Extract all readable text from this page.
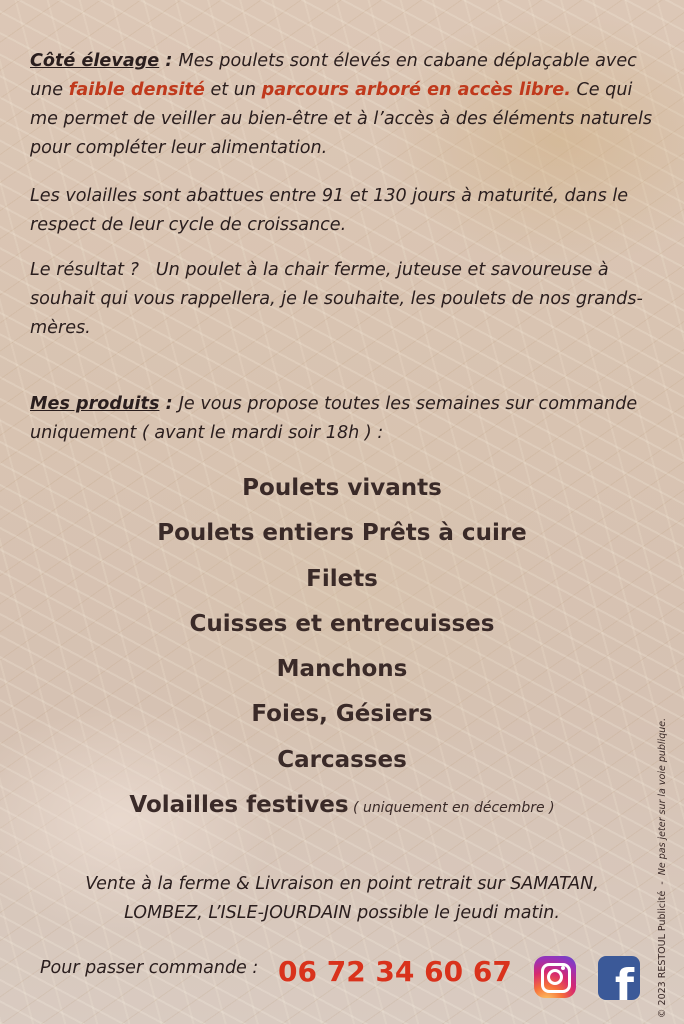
Côté élevage : Mes poulets sont élevés en cabane déplaçable avec une faible densité et un parcours arboré en accès libre. Ce qui me permet de veiller au bien-être et à l’accès à des éléments naturels pour compléter leur alimentation.

Les volailles sont abattues entre 91 et 130 jours à maturité, dans le respect de leur cycle de croissance.

Le résultat ?   Un poulet à la chair ferme, juteuse et savoureuse à souhait qui vous rappellera, je le souhaite, les poulets de nos grands-mères.

Mes produits : Je vous propose toutes les semaines sur commande uniquement ( avant le mardi soir 18h ) :

Poulets vivants
Poulets entiers Prêts à cuire
Filets
Cuisses et entrecuisses
Manchons
Foies, Gésiers
Carcasses
Volailles festives ( uniquement en décembre )
Vente à la ferme & Livraison en point retrait sur SAMATAN,
LOMBEZ, L’ISLE-JOURDAIN possible le jeudi matin.
Pour passer commande : 06 72 34 60 67 f © 2023 RESTOUL Publicité  -  Ne pas jeter sur la voie publique.
